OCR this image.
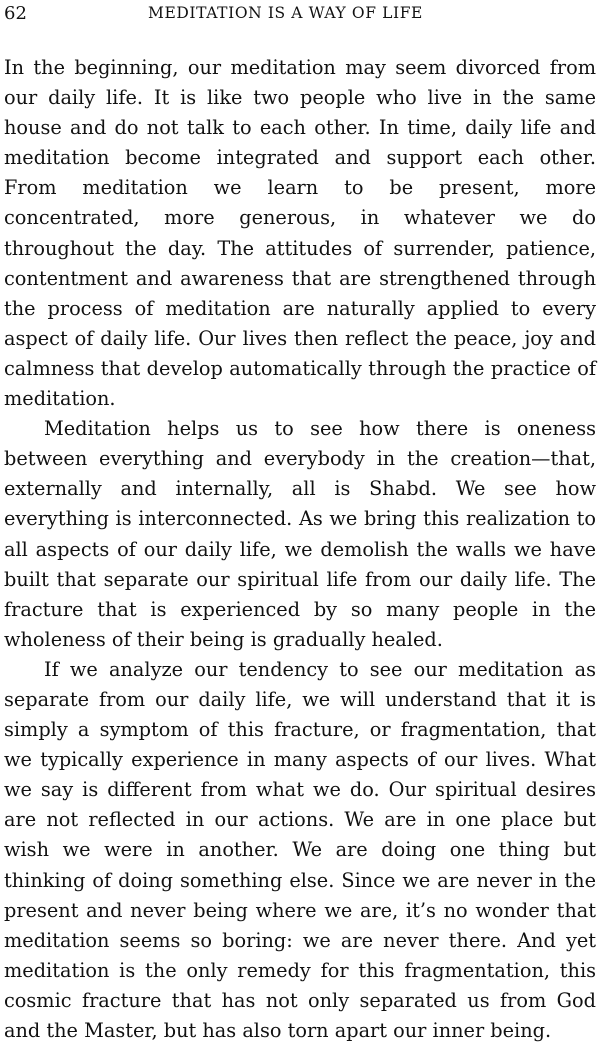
62	MEDITATION IS A WAY OF LIFE

In the beginning, our meditation may seem divorced from our daily life. It is like two people who live in the same house and do not talk to each other. In time, daily life and meditation become integrated and support each other. From meditation we learn to be present, more concentrated, more generous, in whatever we do throughout the day. The attitudes of surrender, patience, contentment and awareness that are strengthened through the process of meditation are naturally applied to every aspect of daily life. Our lives then reflect the peace, joy and calmness that develop automatically through the practice of meditation.

Meditation helps us to see how there is oneness between everything and everybody in the creation—that, externally and internally, all is Shabd. We see how everything is interconnected. As we bring this realization to all aspects of our daily life, we demolish the walls we have built that separate our spiritual life from our daily life. The fracture that is experienced by so many people in the wholeness of their being is gradually healed.

If we analyze our tendency to see our meditation as separate from our daily life, we will understand that it is simply a symptom of this fracture, or fragmentation, that we typically experience in many aspects of our lives. What we say is different from what we do. Our spiritual desires are not reflected in our actions. We are in one place but wish we were in another. We are doing one thing but thinking of doing something else. Since we are never in the present and never being where we are, it’s no wonder that meditation seems so boring: we are never there. And yet meditation is the only remedy for this fragmentation, this cosmic fracture that has not only separated us from God and the Master, but has also torn apart our inner being.
